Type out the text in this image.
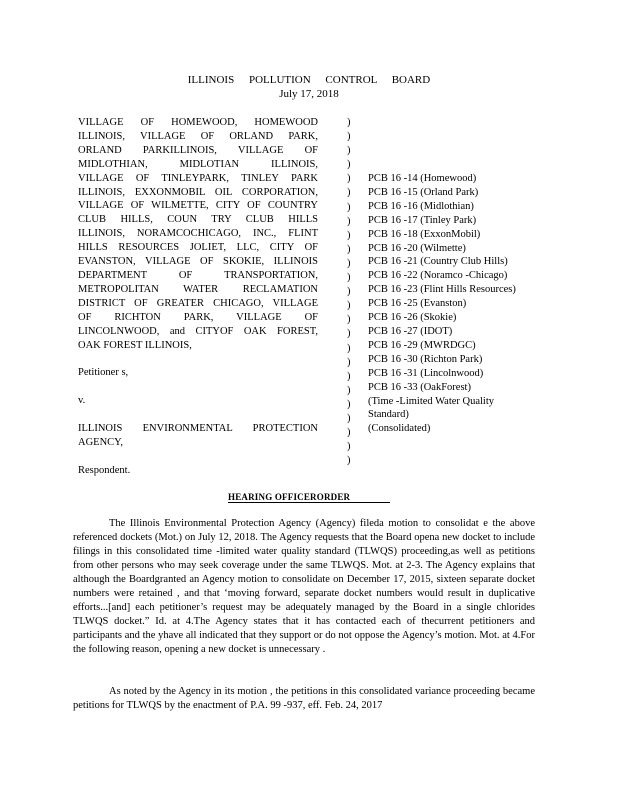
ILLINOIS POLLUTION CONTROL BOARD
July 17, 2018
VILLAGE OF HOMEWOOD, HOMEWOOD
ILLINOIS, VILLAGE OF ORLAND PARK,
ORLAND PARKILLINOIS, VILLAGE OF
MIDLOTHIAN, MIDLOTIAN ILLINOIS,
VILLAGE OF TINLEYPARK, TINLEY PARK
ILLINOIS, EXXONMOBIL OIL CORPORATION,
VILLAGE OF WILMETTE, CITY OF COUNTRY
CLUB HILLS, COUN TRY CLUB HILLS
ILLINOIS, NORAMCOCHICAGO, INC., FLINT
HILLS RESOURCES JOLIET, LLC, CITY OF
EVANSTON, VILLAGE OF SKOKIE, ILLINOIS
DEPARTMENT OF TRANSPORTATION,
METROPOLITAN WATER RECLAMATION
DISTRICT OF GREATER CHICAGO, VILLAGE
OF RICHTON PARK, VILLAGE OF
LINCOLNWOOD, and CITYOF OAK FOREST,
OAK FOREST ILLINOIS,
Petitioner s,
v.
ILLINOIS ENVIRONMENTAL PROTECTION
AGENCY,
Respondent.
)
)
)
)
)
)
)
)
)
)
)
)
)
)
)
)
)
)
)
)
)
)
)
)
)
PCB 16 -14 (Homewood)
PCB 16 -15 (Orland Park)
PCB 16 -16 (Midlothian)
PCB 16 -17 (Tinley Park)
PCB 16 -18 (ExxonMobil)
PCB 16 -20 (Wilmette)
PCB 16 -21 (Country Club Hills)
PCB 16 -22 (Noramco -Chicago)
PCB 16 -23 (Flint Hills Resources)
PCB 16 -25 (Evanston)
PCB 16 -26 (Skokie)
PCB 16 -27 (IDOT)
PCB 16 -29 (MWRDGC)
PCB 16 -30 (Richton Park)
PCB 16 -31 (Lincolnwood)
PCB 16 -33 (OakForest)
(Time -Limited Water Quality
Standard)
(Consolidated)
HEARING OFFICERORDER
The Illinois Environmental Protection Agency (Agency) fileda motion to consolidat e the above referenced dockets (Mot.) on July 12, 2018. The Agency requests that the Board opena new docket to include filings in this consolidated time -limited water quality standard (TLWQS) proceeding,as well as petitions from other persons who may seek coverage under the same TLWQS. Mot. at 2-3. The Agency explains that although the Boardgranted an Agency motion to consolidate on December 17, 2015, sixteen separate docket numbers were retained , and that ‘moving forward, separate docket numbers would result in duplicative efforts...[and] each petitioner’s request may be adequately managed by the Board in a single chlorides TLWQS docket.” Id. at 4.The Agency states that it has contacted each of thecurrent petitioners and participants and the yhave all indicated that they support or do not oppose the Agency’s motion. Mot. at 4.For the following reason, opening a new docket is unnecessary .
As noted by the Agency in its motion , the petitions in this consolidated variance proceeding became petitions for TLWQS by the enactment of P.A. 99 -937, eff. Feb. 24, 2017
